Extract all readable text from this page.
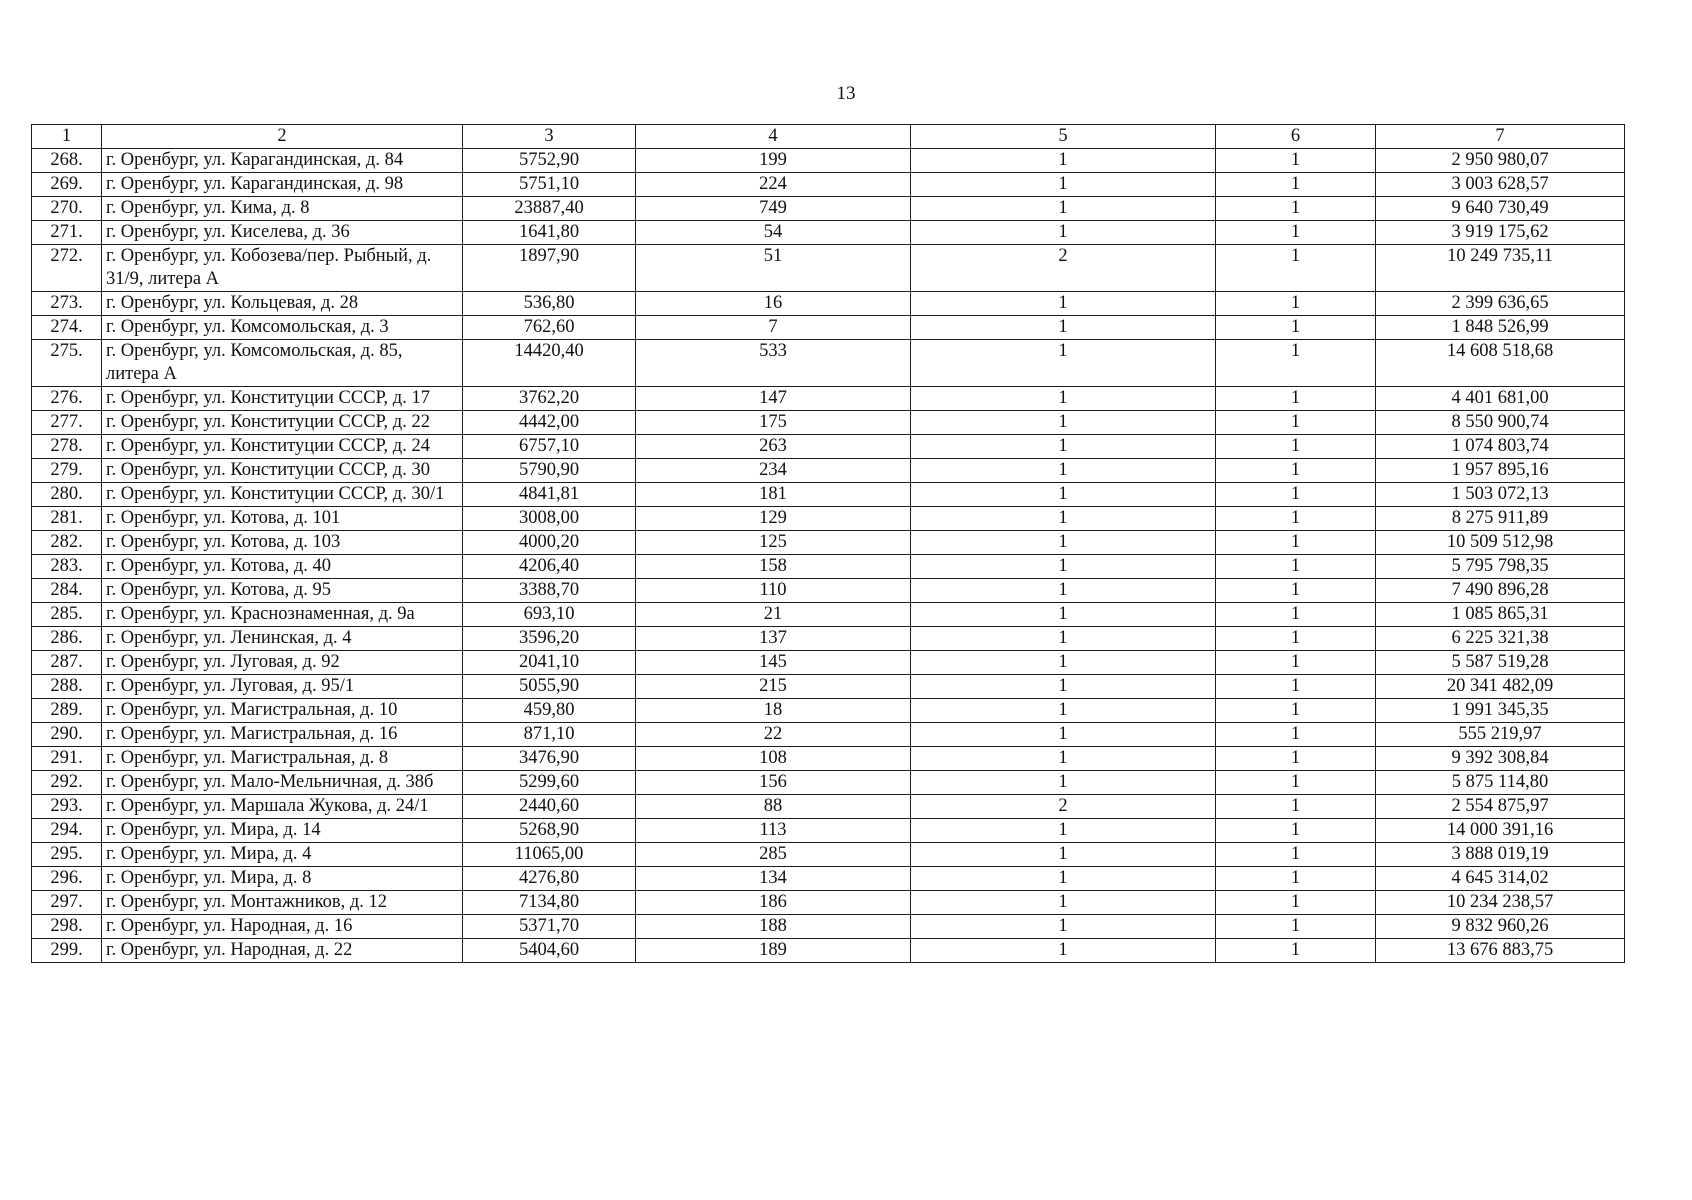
13
1	2	3	4	5	6	7
268.	г. Оренбург, ул. Карагандинская, д. 84	5752,90	199	1	1	2 950 980,07
269.	г. Оренбург, ул. Карагандинская, д. 98	5751,10	224	1	1	3 003 628,57
270.	г. Оренбург, ул. Кима, д. 8	23887,40	749	1	1	9 640 730,49
271.	г. Оренбург, ул. Киселева, д. 36	1641,80	54	1	1	3 919 175,62
272.	г. Оренбург, ул. Кобозева/пер. Рыбный, д. 31/9, литера А	1897,90	51	2	1	10 249 735,11
273.	г. Оренбург, ул. Кольцевая, д. 28	536,80	16	1	1	2 399 636,65
274.	г. Оренбург, ул. Комсомольская, д. 3	762,60	7	1	1	1 848 526,99
275.	г. Оренбург, ул. Комсомольская, д. 85, литера А	14420,40	533	1	1	14 608 518,68
276.	г. Оренбург, ул. Конституции СССР, д. 17	3762,20	147	1	1	4 401 681,00
277.	г. Оренбург, ул. Конституции СССР, д. 22	4442,00	175	1	1	8 550 900,74
278.	г. Оренбург, ул. Конституции СССР, д. 24	6757,10	263	1	1	1 074 803,74
279.	г. Оренбург, ул. Конституции СССР, д. 30	5790,90	234	1	1	1 957 895,16
280.	г. Оренбург, ул. Конституции СССР, д. 30/1	4841,81	181	1	1	1 503 072,13
281.	г. Оренбург, ул. Котова, д. 101	3008,00	129	1	1	8 275 911,89
282.	г. Оренбург, ул. Котова, д. 103	4000,20	125	1	1	10 509 512,98
283.	г. Оренбург, ул. Котова, д. 40	4206,40	158	1	1	5 795 798,35
284.	г. Оренбург, ул. Котова, д. 95	3388,70	110	1	1	7 490 896,28
285.	г. Оренбург, ул. Краснознаменная, д. 9а	693,10	21	1	1	1 085 865,31
286.	г. Оренбург, ул. Ленинская, д. 4	3596,20	137	1	1	6 225 321,38
287.	г. Оренбург, ул. Луговая, д. 92	2041,10	145	1	1	5 587 519,28
288.	г. Оренбург, ул. Луговая, д. 95/1	5055,90	215	1	1	20 341 482,09
289.	г. Оренбург, ул. Магистральная, д. 10	459,80	18	1	1	1 991 345,35
290.	г. Оренбург, ул. Магистральная, д. 16	871,10	22	1	1	555 219,97
291.	г. Оренбург, ул. Магистральная, д. 8	3476,90	108	1	1	9 392 308,84
292.	г. Оренбург, ул. Мало-Мельничная, д. 38б	5299,60	156	1	1	5 875 114,80
293.	г. Оренбург, ул. Маршала Жукова, д. 24/1	2440,60	88	2	1	2 554 875,97
294.	г. Оренбург, ул. Мира, д. 14	5268,90	113	1	1	14 000 391,16
295.	г. Оренбург, ул. Мира, д. 4	11065,00	285	1	1	3 888 019,19
296.	г. Оренбург, ул. Мира, д. 8	4276,80	134	1	1	4 645 314,02
297.	г. Оренбург, ул. Монтажников, д. 12	7134,80	186	1	1	10 234 238,57
298.	г. Оренбург, ул. Народная, д. 16	5371,70	188	1	1	9 832 960,26
299.	г. Оренбург, ул. Народная, д. 22	5404,60	189	1	1	13 676 883,75
